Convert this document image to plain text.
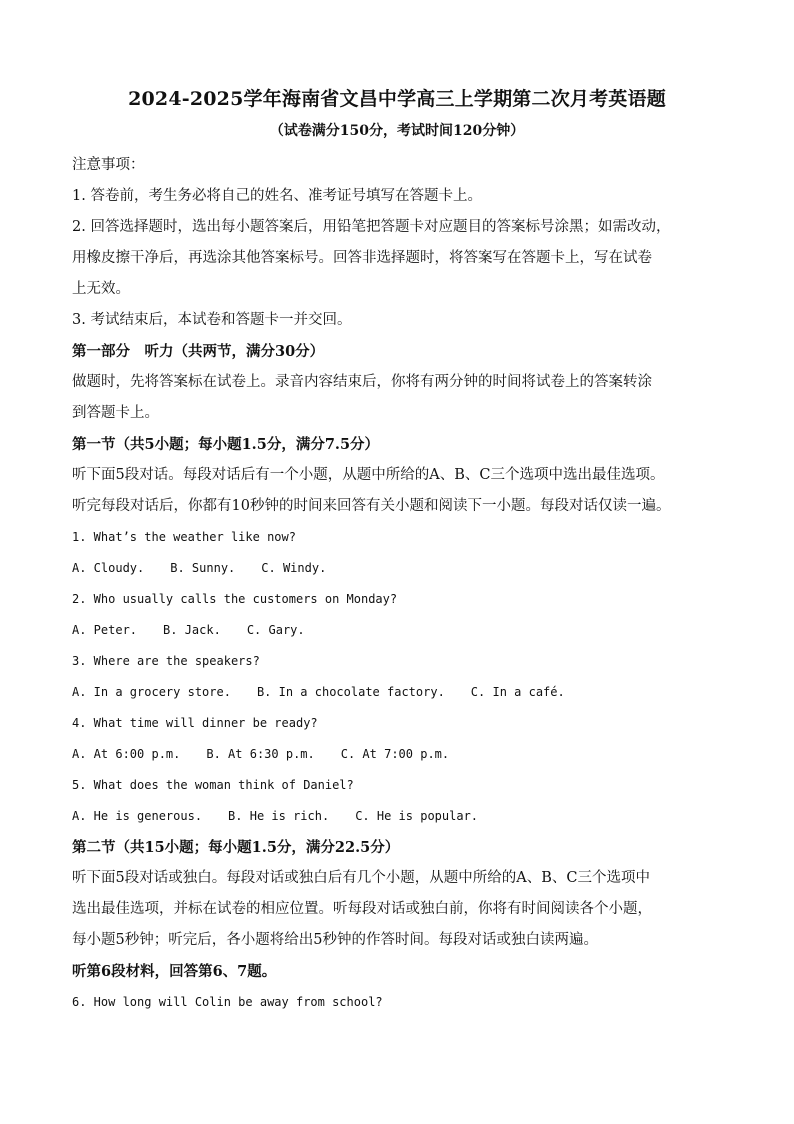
2024-2025学年海南省文昌中学高三上学期第二次月考英语题
（试卷满分150分，考试时间120分钟）
注意事项：
1. 答卷前，考生务必将自己的姓名、准考证号填写在答题卡上。
2. 回答选择题时，选出每小题答案后，用铅笔把答题卡对应题目的答案标号涂黑；如需改动，
用橡皮擦干净后，再选涂其他答案标号。回答非选择题时，将答案写在答题卡上，写在试卷
上无效。
3. 考试结束后，本试卷和答题卡一并交回。
第一部分　听力（共两节，满分30分）
做题时，先将答案标在试卷上。录音内容结束后，你将有两分钟的时间将试卷上的答案转涂
到答题卡上。
第一节（共5小题；每小题1.5分，满分7.5分）
听下面5段对话。每段对话后有一个小题，从题中所给的A、B、C三个选项中选出最佳选项。
听完每段对话后，你都有10秒钟的时间来回答有关小题和阅读下一小题。每段对话仅读一遍。
1. What’s the weather like now?
A. Cloudy. B. Sunny. C. Windy.
2. Who usually calls the customers on Monday?
A. Peter. B. Jack. C. Gary.
3. Where are the speakers?
A. In a grocery store. B. In a chocolate factory. C. In a café.
4. What time will dinner be ready?
A. At 6:00 p.m. B. At 6:30 p.m. C. At 7:00 p.m.
5. What does the woman think of Daniel?
A. He is generous. B. He is rich. C. He is popular.
第二节（共15小题；每小题1.5分，满分22.5分）
听下面5段对话或独白。每段对话或独白后有几个小题，从题中所给的A、B、C三个选项中
选出最佳选项，并标在试卷的相应位置。听每段对话或独白前，你将有时间阅读各个小题，
每小题5秒钟；听完后，各小题将给出5秒钟的作答时间。每段对话或独白读两遍。
听第6段材料，回答第6、7题。
6. How long will Colin be away from school?
